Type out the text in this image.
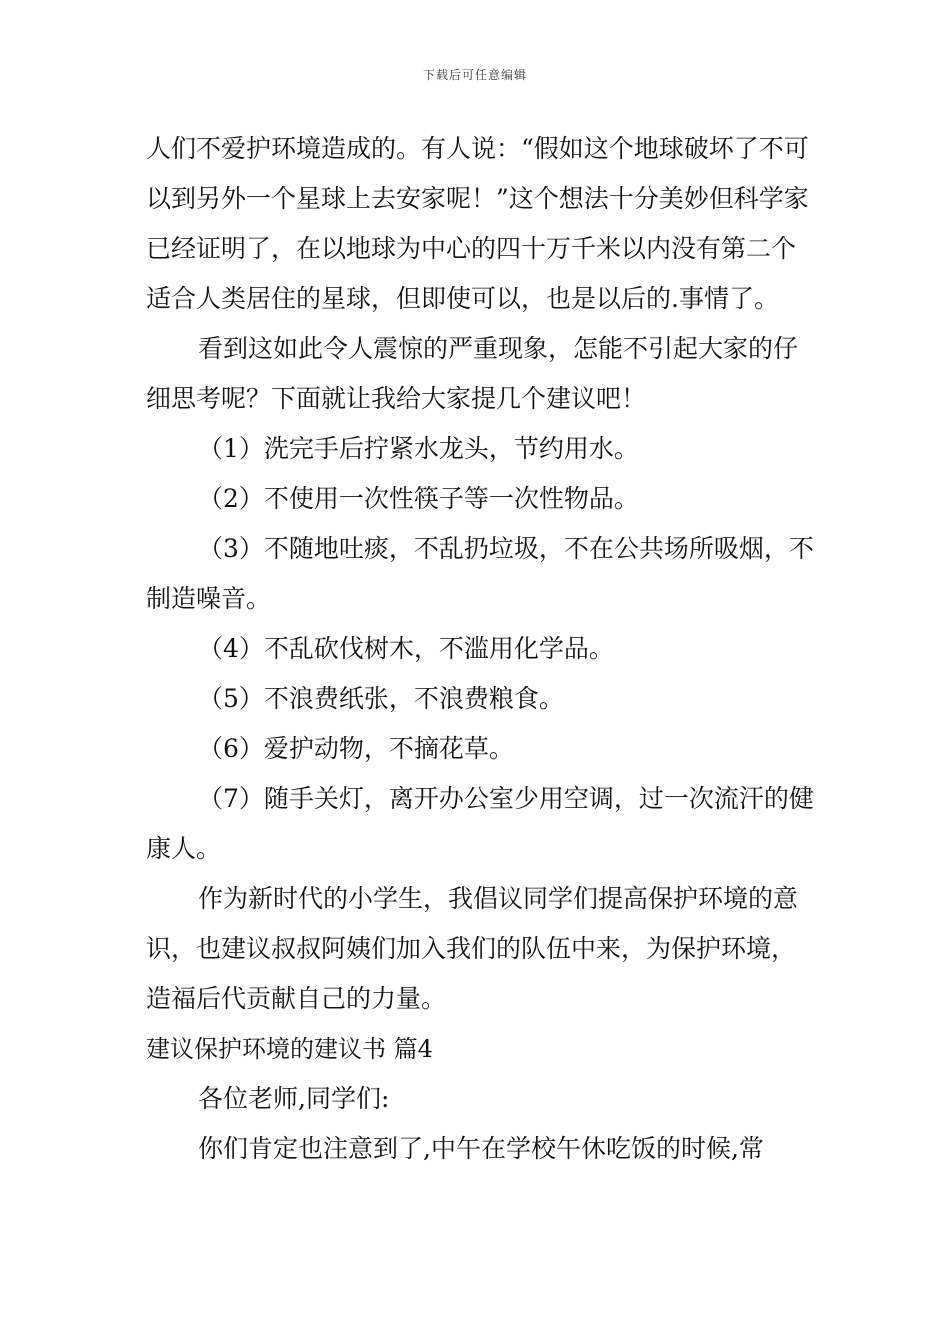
下载后可任意编辑

人们不爱护环境造成的。有人说：“假如这个地球破坏了不可以到另外一个星球上去安家呢！”这个想法十分美妙但科学家已经证明了，在以地球为中心的四十万千米以内没有第二个适合人类居住的星球，但即使可以，也是以后的.事情了。

看到这如此令人震惊的严重现象，怎能不引起大家的仔细思考呢？下面就让我给大家提几个建议吧！

（1）洗完手后拧紧水龙头，节约用水。

（2）不使用一次性筷子等一次性物品。

（3）不随地吐痰，不乱扔垃圾，不在公共场所吸烟，不制造噪音。

（4）不乱砍伐树木，不滥用化学品。

（5）不浪费纸张，不浪费粮食。

（6）爱护动物，不摘花草。

（7）随手关灯，离开办公室少用空调，过一次流汗的健康人。

作为新时代的小学生，我倡议同学们提高保护环境的意识，也建议叔叔阿姨们加入我们的队伍中来，为保护环境，造福后代贡献自己的力量。

建议保护环境的建议书 篇4

各位老师,同学们:

你们肯定也注意到了,中午在学校午休吃饭的时候,常
